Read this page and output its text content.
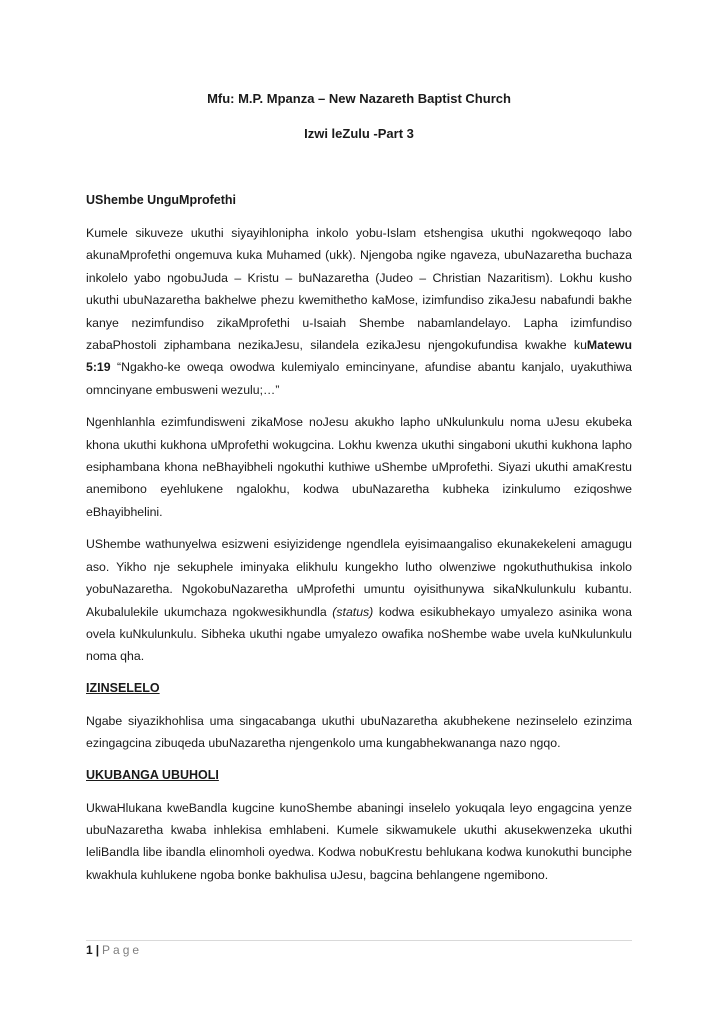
Mfu: M.P. Mpanza – New Nazareth Baptist Church
Izwi leZulu -Part 3
UShembe UnguMprofethi

Kumele sikuveze ukuthi siyayihlonipha inkolo yobu-Islam etshengisa ukuthi ngokweqoqo labo akunaMprofethi ongemuva kuka Muhamed (ukk). Njengoba ngike ngaveza, ubuNazaretha buchaza inkolelo yabo ngobuJuda – Kristu – buNazaretha (Judeo – Christian Nazaritism). Lokhu kusho ukuthi ubuNazaretha bakhelwe phezu kwemithetho kaMose, izimfundiso zikaJesu nabafundi bakhe kanye nezimfundiso zikaMprofethi u-Isaiah Shembe nabamlandelayo. Lapha izimfundiso zabaPhostoli ziphambana nezikaJesu, silandela ezikaJesu njengokufundisa kwakhe kuMatewu 5:19 “Ngakho-ke oweqa owodwa kulemiyalo emincinyane, afundise abantu kanjalo, uyakuthiwa omncinyane embusweni wezulu;…”

Ngenhlanhla ezimfundisweni zikaMose noJesu akukho lapho uNkulunkulu noma uJesu ekubeka khona ukuthi kukhona uMprofethi wokugcina. Lokhu kwenza ukuthi singaboni ukuthi kukhona lapho esiphambana khona neBhayibheli ngokuthi kuthiwe uShembe uMprofethi. Siyazi ukuthi amaKrestu anemibono eyehlukene ngalokhu, kodwa ubuNazaretha kubheka izinkulumo eziqoshwe eBhayibhelini.

UShembe wathunyelwa esizweni esiyizidenge ngendlela eyisimaangaliso ekunakekeleni amagugu aso. Yikho nje sekuphele iminyaka elikhulu kungekho lutho olwenziwe ngokuthuthukisa inkolo yobuNazaretha. NgokobuNazaretha uMprofethi umuntu oyisithunywa sikaNkulunkulu kubantu. Akubalulekile ukumchaza ngokwesikhundla (status) kodwa esikubhekayo umyalezo asinika wona ovela kuNkulunkulu. Sibheka ukuthi ngabe umyalezo owafika noShembe wabe uvela kuNkulunkulu noma qha.

IZINSELELO

Ngabe siyazikhohlisa uma singacabanga ukuthi ubuNazaretha akubhekene nezinselelo ezinzima ezingagcina zibuqeda ubuNazaretha njengenkolo uma kungabhekwananga nazo ngqo.

UKUBANGA UBUHOLI

UkwaHlukana kweBandla kugcine kunoShembe abaningi inselelo yokuqala leyo engagcina yenze ubuNazaretha kwaba inhlekisa emhlabeni. Kumele sikwamukele ukuthi akusekwenzeka ukuthi leliBandla libe ibandla elinomholi oyedwa. Kodwa nobuKrestu behlukana kodwa kunokuthi bunciphe kwakhula kuhlukene ngoba bonke bakhulisa uJesu, bagcina behlangene ngemibono.

1 | Page
